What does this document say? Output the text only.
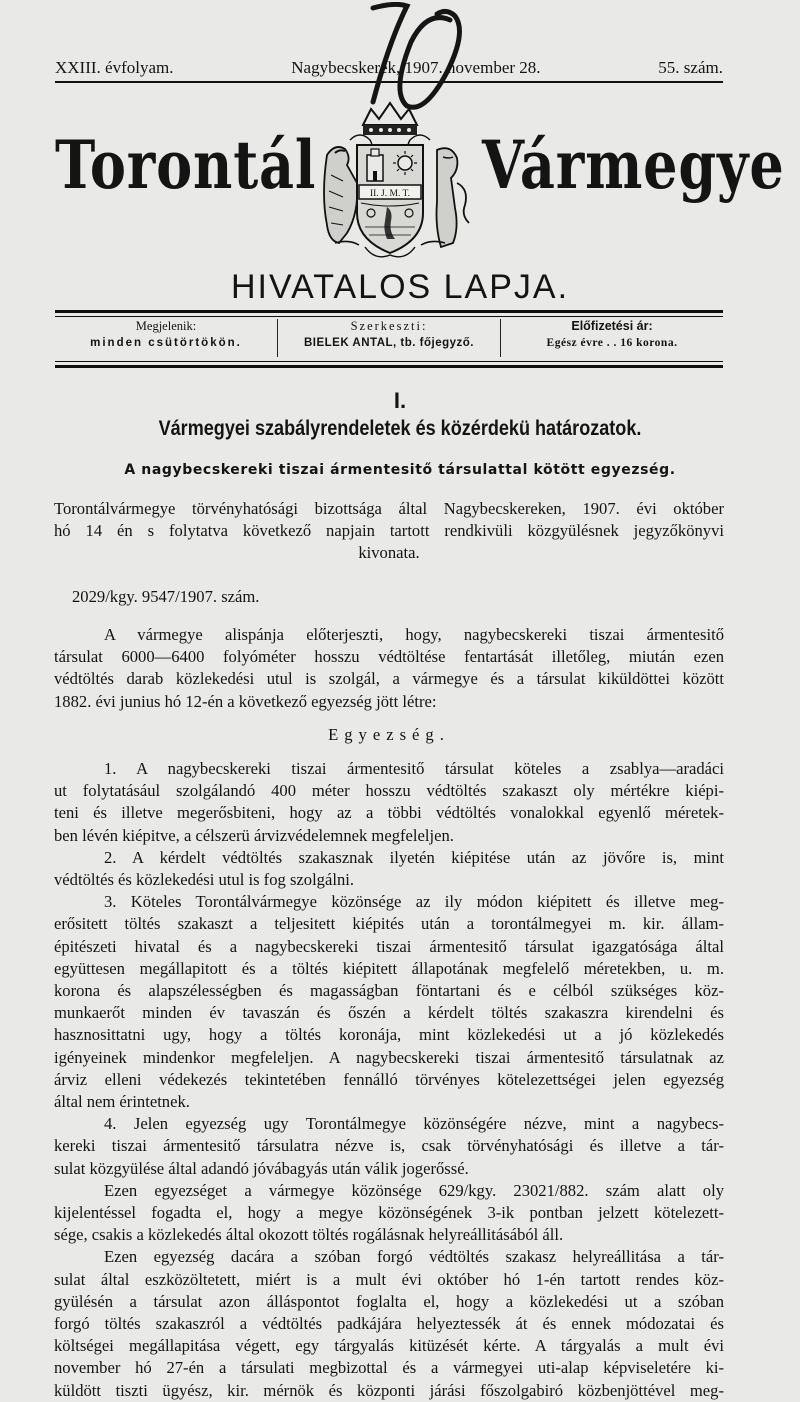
XXIII. évfolyam.	Nagybecskerek, 1907. november 28.	55. szám.
Torontál	Vármegye
II. J. M. T.
HIVATALOS LAPJA.
Megjelenik:
minden csütörtökön.
Szerkeszti:
BIELEK ANTAL, tb. főjegyző.
Előfizetési ár:
Egész évre . . 16 korona.
I.
Vármegyei szabályrendeletek és közérdekü határozatok.
A nagybecskereki tiszai ármentesitő társulattal kötött egyezség.
Torontálvármegye törvényhatósági bizottsága által Nagybecskereken, 1907. évi október
hó 14 én s folytatva következő napjain tartott rendkivüli közgyülésnek jegyzőkönyvi
kivonata.
2029/kgy. 9547/1907. szám.
A vármegye alispánja előterjeszti, hogy, nagybecskereki tiszai ármentesitő
társulat 6000—6400 folyóméter hosszu védtöltése fentartását illetőleg, miután ezen
védtöltés darab közlekedési utul is szolgál, a vármegye és a társulat kiküldöttei között
1882. évi junius hó 12-én a következő egyezség jött létre:
Egyezség.
1. A nagybecskereki tiszai ármentesitő társulat köteles a zsablya—aradáci
ut folytatásául szolgálandó 400 méter hosszu védtöltés szakaszt oly mértékre kiépi-
teni és illetve megerősbiteni, hogy az a többi védtöltés vonalokkal egyenlő méretek-
ben lévén kiépitve, a célszerü árvizvédelemnek megfeleljen.
2. A kérdelt védtöltés szakasznak ilyetén kiépitése után az jövőre is, mint
védtöltés és közlekedési utul is fog szolgálni.
3. Köteles Torontálvármegye közönsége az ily módon kiépitett és illetve meg-
erősitett töltés szakaszt a teljesitett kiépités után a torontálmegyei m. kir. állam-
épitészeti hivatal és a nagybecskereki tiszai ármentesitő társulat igazgatósága által
együttesen megállapitott és a töltés kiépitett állapotának megfelelő méretekben, u. m.
korona és alapszélességben és magasságban föntartani és e célból szükséges köz-
munkaerőt minden év tavaszán és őszén a kérdelt töltés szakaszra kirendelni és
hasznosittatni ugy, hogy a töltés koronája, mint közlekedési ut a jó közlekedés
igényeinek mindenkor megfeleljen. A nagybecskereki tiszai ármentesitő társulatnak az
árviz elleni védekezés tekintetében fennálló törvényes kötelezettségei jelen egyezség
által nem érintetnek.
4. Jelen egyezség ugy Torontálmegye közönségére nézve, mint a nagybecs-
kereki tiszai ármentesitő társulatra nézve is, csak törvényhatósági és illetve a tár-
sulat közgyülése által adandó jóvábagyás után válik jogerőssé.
Ezen egyezséget a vármegye közönsége 629/kgy. 23021/882. szám alatt oly
kijelentéssel fogadta el, hogy a megye közönségének 3-ik pontban jelzett kötelezett-
sége, csakis a közlekedés által okozott töltés rogálásnak helyreállitásából áll.
Ezen egyezség dacára a szóban forgó védtöltés szakasz helyreállitása a tár-
sulat által eszközöltetett, miért is a mult évi október hó 1-én tartott rendes köz-
gyülésén a társulat azon álláspontot foglalta el, hogy a közlekedési ut a szóban
forgó töltés szakaszról a védtöltés padkájára helyeztessék át és ennek módozatai és
költségei megállapitása végett, egy tárgyalás kitüzését kérte. A tárgyalás a mult évi
november hó 27-én a társulati megbizottal és a vármegyei uti-alap képviseletére ki-
küldött tiszti ügyész, kir. mérnök és központi járási főszolgabiró közbenjöttével meg-
